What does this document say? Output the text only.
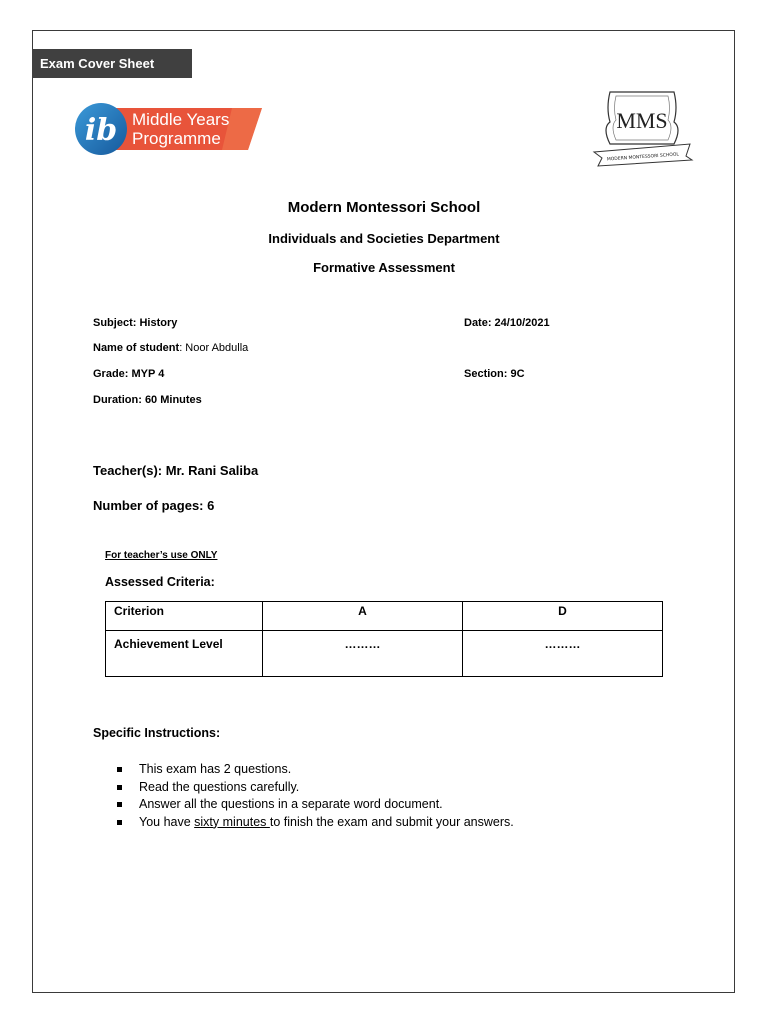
Exam Cover Sheet
ib Middle Years
Programme
MMS
MODERN MONTESSORI SCHOOL
Modern Montessori School
Individuals and Societies Department
Formative Assessment
Subject: History	Date: 24/10/2021
Name of student: Noor Abdulla
Grade: MYP 4	Section: 9C
Duration: 60 Minutes
Teacher(s): Mr. Rani Saliba
Number of pages: 6
For teacher’s use ONLY
Assessed Criteria:
Criterion	A	D
Achievement Level	………	………
Specific Instructions:
This exam has 2 questions.
Read the questions carefully.
Answer all the questions in a separate word document.
You have sixty minutes to finish the exam and submit your answers.
